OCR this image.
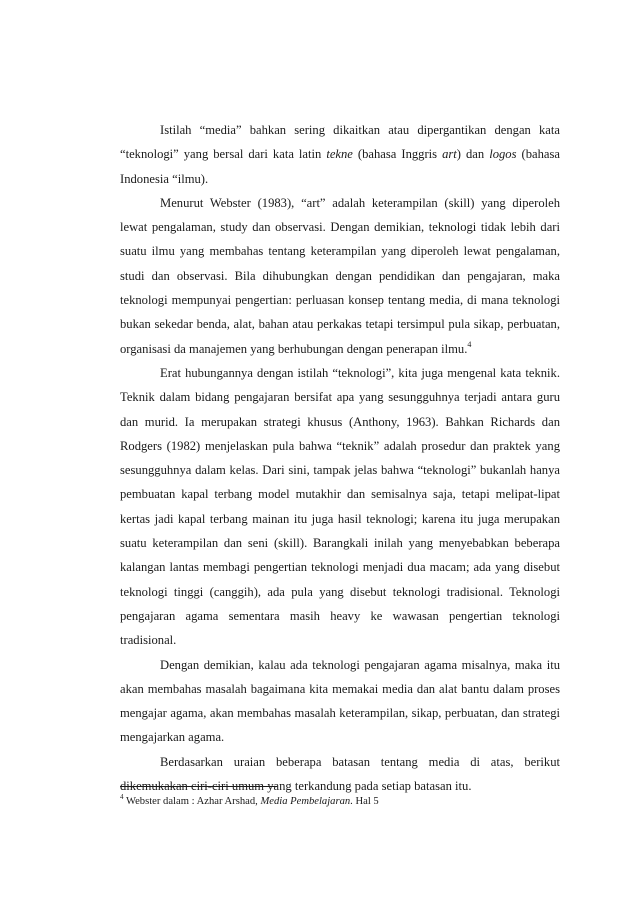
Istilah “media” bahkan sering dikaitkan atau dipergantikan dengan kata “teknologi” yang bersal dari kata latin tekne (bahasa Inggris art) dan logos (bahasa Indonesia “ilmu).

Menurut Webster (1983), “art” adalah keterampilan (skill) yang diperoleh lewat pengalaman, study dan observasi. Dengan demikian, teknologi tidak lebih dari suatu ilmu yang membahas tentang keterampilan yang diperoleh lewat pengalaman, studi dan observasi. Bila dihubungkan dengan pendidikan dan pengajaran, maka teknologi mempunyai pengertian: perluasan konsep tentang media, di mana teknologi bukan sekedar benda, alat, bahan atau perkakas tetapi tersimpul pula sikap, perbuatan, organisasi da manajemen yang berhubungan dengan penerapan ilmu.$^4$

Erat hubungannya dengan istilah “teknologi”, kita juga mengenal kata teknik. Teknik dalam bidang pengajaran bersifat apa yang sesungguhnya terjadi antara guru dan murid. Ia merupakan strategi khusus (Anthony, 1963). Bahkan Richards dan Rodgers (1982) menjelaskan pula bahwa “teknik” adalah prosedur dan praktek yang sesungguhnya dalam kelas. Dari sini, tampak jelas bahwa “teknologi” bukanlah hanya pembuatan kapal terbang model mutakhir dan semisalnya saja, tetapi melipat-lipat kertas jadi kapal terbang mainan itu juga hasil teknologi; karena itu juga merupakan suatu keterampilan dan seni (skill). Barangkali inilah yang menyebabkan beberapa kalangan lantas membagi pengertian teknologi menjadi dua macam; ada yang disebut teknologi tinggi (canggih), ada pula yang disebut teknologi tradisional. Teknologi pengajaran agama sementara masih heavy ke wawasan pengertian teknologi tradisional.

Dengan demikian, kalau ada teknologi pengajaran agama misalnya, maka itu akan membahas masalah bagaimana kita memakai media dan alat bantu dalam proses mengajar agama, akan membahas masalah keterampilan, sikap, perbuatan, dan strategi mengajarkan agama.

Berdasarkan uraian beberapa batasan tentang media di atas, berikut dikemukakan ciri-ciri umum yang terkandung pada setiap batasan itu.

$^4$ Webster dalam : Azhar Arshad, Media Pembelajaran. Hal 5
